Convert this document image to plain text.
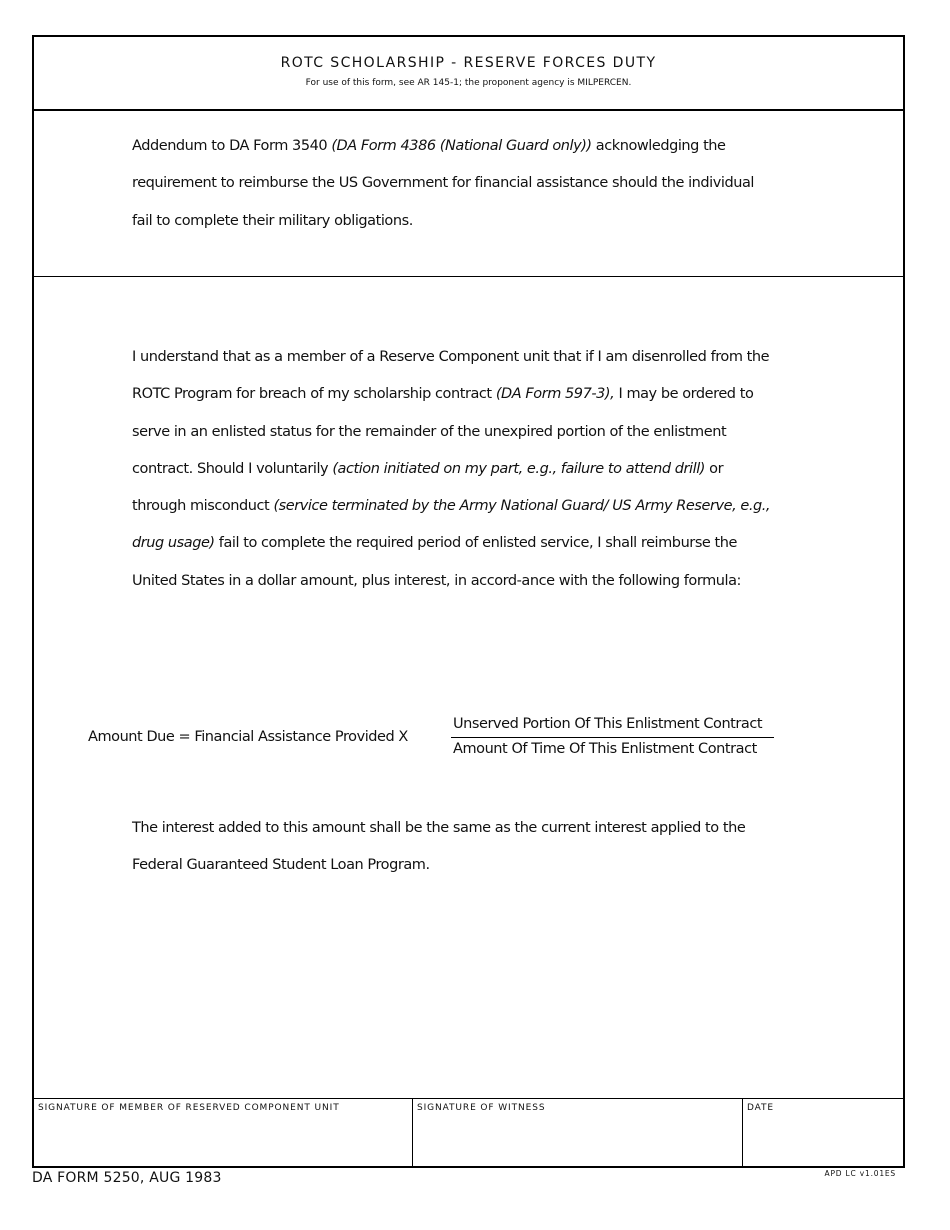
ROTC SCHOLARSHIP - RESERVE FORCES DUTY
For use of this form, see AR 145-1; the proponent agency is MILPERCEN.

Addendum to DA Form 3540 (DA Form 4386 (National Guard only)) acknowledging the requirement to reimburse the US Government for financial assistance should the individual fail to complete their military obligations.

I understand that as a member of a Reserve Component unit that if I am disenrolled from the ROTC Program for breach of my scholarship contract (DA Form 597-3), I may be ordered to serve in an enlisted status for the remainder of the unexpired portion of the enlistment contract. Should I voluntarily (action initiated on my part, e.g., failure to attend drill) or through misconduct (service terminated by the Army National Guard/ US Army Reserve, e.g., drug usage) fail to complete the required period of enlisted service, I shall reimburse the United States in a dollar amount, plus interest, in accord-ance with the following formula:

Amount Due = Financial Assistance Provided X
Unserved Portion Of This Enlistment Contract
Amount Of Time Of This Enlistment Contract

The interest added to this amount shall be the same as the current interest applied to the Federal Guaranteed Student Loan Program.

SIGNATURE OF MEMBER OF RESERVED COMPONENT UNIT	SIGNATURE OF WITNESS	DATE
DA FORM 5250, AUG 1983	APD LC v1.01ES
